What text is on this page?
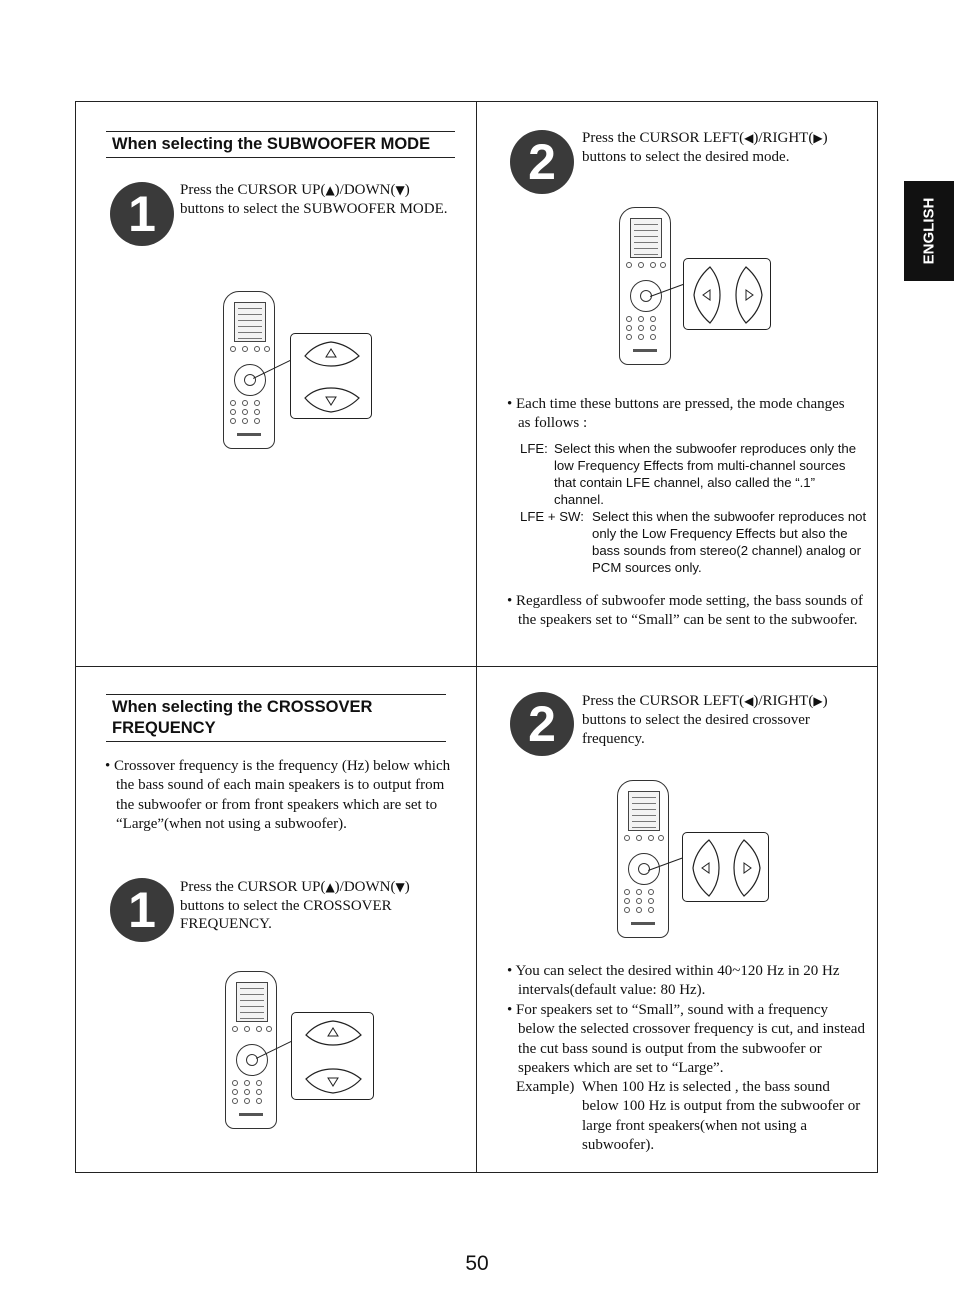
When selecting the SUBWOOFER MODE
1	Press the CURSOR UP(▲)/DOWN(▼) buttons to select the SUBWOOFER MODE.
2	Press the CURSOR LEFT(◀)/RIGHT(▶) buttons to select the desired mode.
• Each time these buttons are pressed, the mode changes as follows :
LFE: Select this when the subwoofer reproduces only the low Frequency Effects from multi-channel sources that contain LFE channel, also called the “.1” channel.
LFE + SW: Select this when the subwoofer reproduces not only the Low Frequency Effects but also the bass sounds from stereo(2 channel) analog or PCM sources only.
• Regardless of subwoofer mode setting, the bass sounds of the speakers set to “Small” can be sent to the subwoofer.
When selecting the CROSSOVER FREQUENCY
• Crossover frequency is the frequency (Hz) below which the bass sound of each main speakers is to output from the subwoofer or from front speakers which are set to “Large”(when not using a subwoofer).
1	Press the CURSOR UP(▲)/DOWN(▼) buttons to select the CROSSOVER FREQUENCY.
2	Press the CURSOR LEFT(◀)/RIGHT(▶) buttons to select the desired crossover frequency.
• You can select the desired within 40~120 Hz in 20 Hz intervals(default value: 80 Hz).
• For speakers set to “Small”, sound with a frequency below the selected crossover frequency is cut, and instead the cut bass sound is output from the subwoofer or speakers which are set to “Large”.
Example) When 100 Hz is selected , the bass sound below 100 Hz is output from the subwoofer or large front speakers(when not using a subwoofer).
ENGLISH
50
